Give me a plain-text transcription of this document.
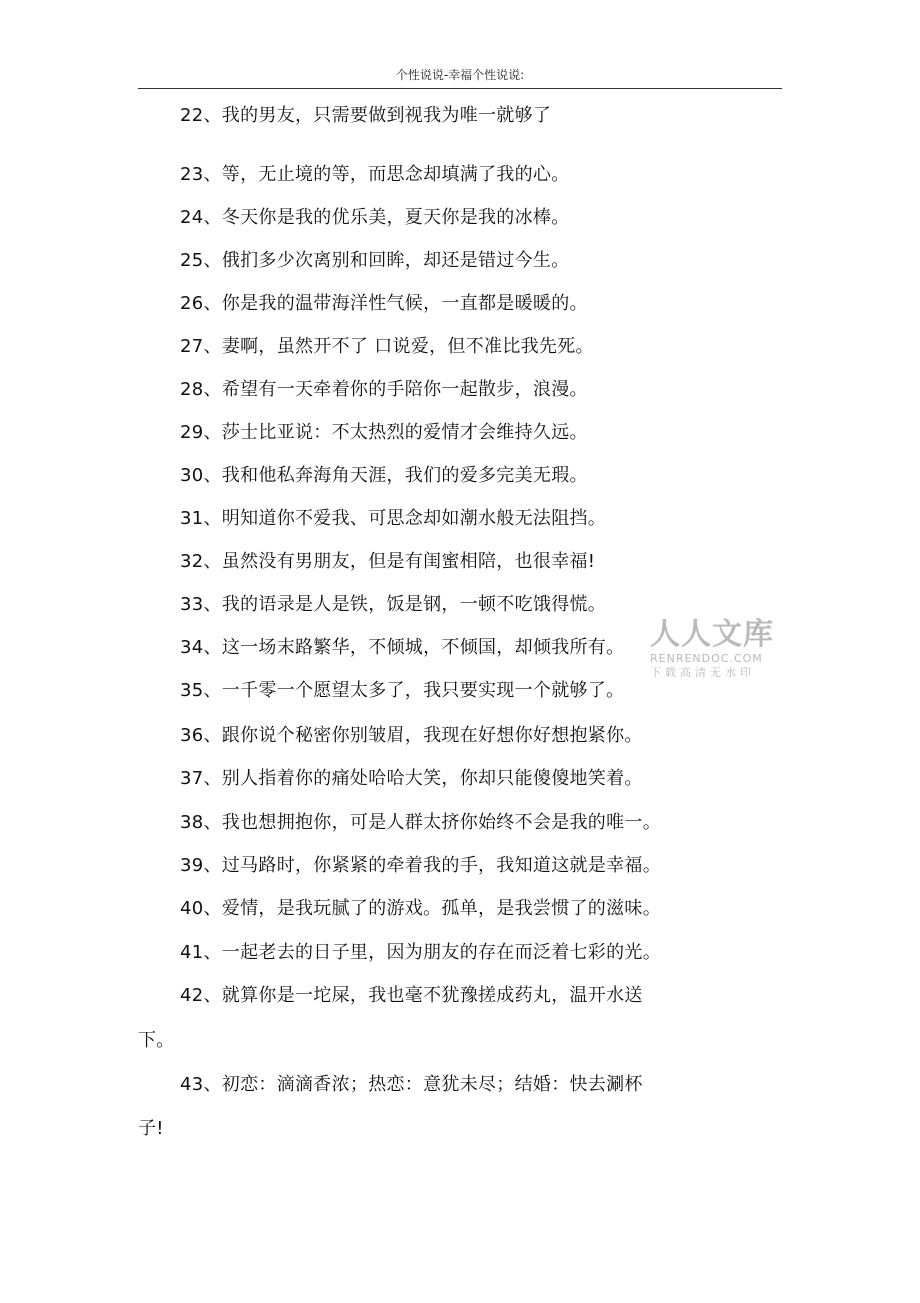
个性说说-幸福个性说说:
22、我的男友，只需要做到视我为唯一就够了
23、等，无止境的等，而思念却填满了我的心。
24、冬天你是我的优乐美，夏天你是我的冰棒。
25、俄扪多少次离别和回眸，却还是错过今生。
26、你是我的温带海洋性气候，一直都是暖暖的。
27、妻啊，虽然开不了 口说爱，但不准比我先死。
28、希望有一天牵着你的手陪你一起散步，浪漫。
29、莎士比亚说：不太热烈的爱情才会维持久远。
30、我和他私奔海角天涯，我们的爱多完美无瑕。
31、明知道你不爱我、可思念却如潮水般无法阻挡。
32、虽然没有男朋友，但是有闺蜜相陪，也很幸福!
33、我的语录是人是铁，饭是钢，一顿不吃饿得慌。
34、这一场末路繁华，不倾城，不倾国，却倾我所有。
35、一千零一个愿望太多了，我只要实现一个就够了。
36、跟你说个秘密你别皱眉，我现在好想你好想抱紧你。
37、别人指着你的痛处哈哈大笑，你却只能傻傻地笑着。
38、我也想拥抱你，可是人群太挤你始终不会是我的唯一。
39、过马路时，你紧紧的牵着我的手，我知道这就是幸福。
40、爱情，是我玩腻了的游戏。孤单，是我尝惯了的滋味。
41、一起老去的日子里，因为朋友的存在而泛着七彩的光。
42、就算你是一坨屎，我也毫不犹豫搓成药丸，温开水送
下。
43、初恋：滴滴香浓；热恋：意犹未尽；结婚：快去涮杯
子!
人人文库
RENRENDOC.COM
下载高清无水印
